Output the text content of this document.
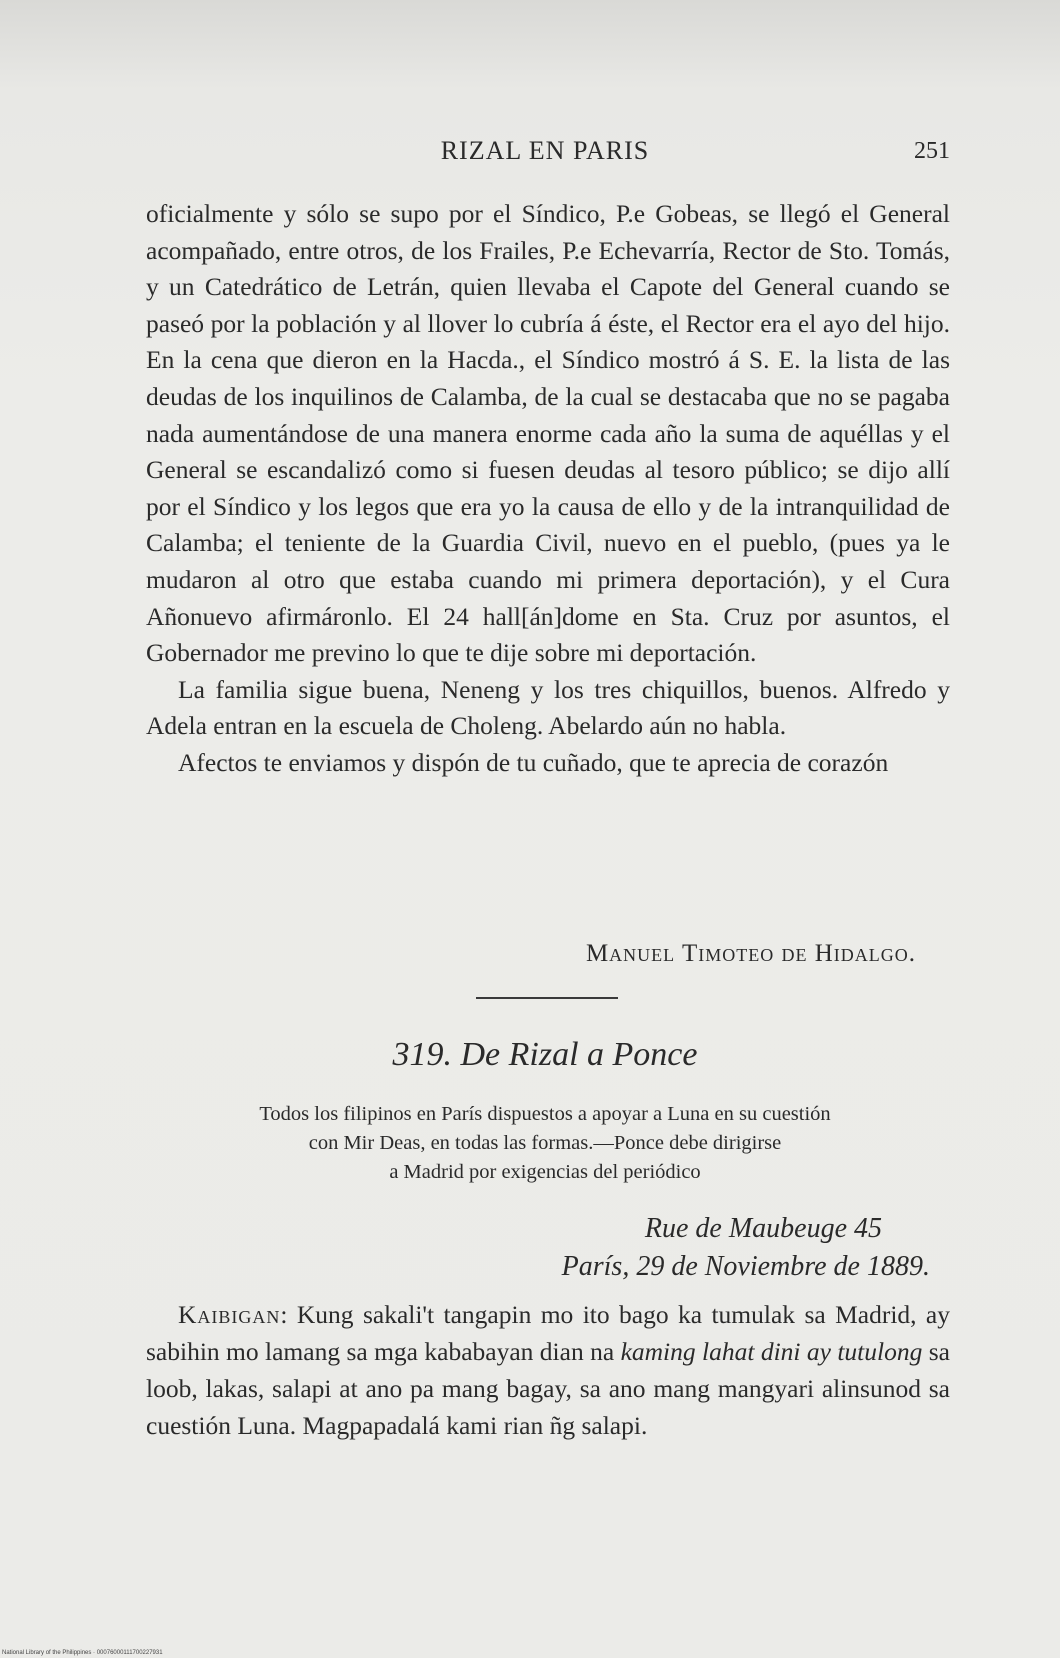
RIZAL EN PARIS	251

oficialmente y sólo se supo por el Síndico, P.e Gobeas, se llegó el General acompañado, entre otros, de los Frailes, P.e Echevarría, Rector de Sto. Tomás, y un Catedrático de Letrán, quien llevaba el Capote del General cuando se paseó por la población y al llover lo cubría á éste, el Rector era el ayo del hijo. En la cena que dieron en la Hacda., el Síndico mostró á S. E. la lista de las deudas de los inquilinos de Calamba, de la cual se destacaba que no se pagaba nada aumentándose de una manera enorme cada año la suma de aquéllas y el General se escandalizó como si fuesen deudas al tesoro público; se dijo allí por el Síndico y los legos que era yo la causa de ello y de la intranquilidad de Calamba; el teniente de la Guardia Civil, nuevo en el pueblo, (pues ya le mudaron al otro que estaba cuando mi primera deportación), y el Cura Añonuevo afirmáronlo. El 24 hall[án]dome en Sta. Cruz por asuntos, el Gobernador me previno lo que te dije sobre mi deportación.

La familia sigue buena, Neneng y los tres chiquillos, buenos. Alfredo y Adela entran en la escuela de Choleng. Abelardo aún no habla.

Afectos te enviamos y dispón de tu cuñado, que te aprecia de corazón

Manuel Timoteo de Hidalgo.
319. De Rizal a Ponce
Todos los filipinos en París dispuestos a apoyar a Luna en su cuestión
con Mir Deas, en todas las formas.—Ponce debe dirigirse
a Madrid por exigencias del periódico
Rue de Maubeuge 45
París, 29 de Noviembre de 1889.

Kaibigan: Kung sakali't tangapin mo ito bago ka tumulak sa Madrid, ay sabihin mo lamang sa mga kababayan dian na kaming lahat dini ay tutulong sa loob, lakas, salapi at ano pa mang bagay, sa ano mang mangyari alinsunod sa cuestión Luna. Magpapadalá kami rian ñg salapi.

National Library of the Philippines · 00076000111700227931
